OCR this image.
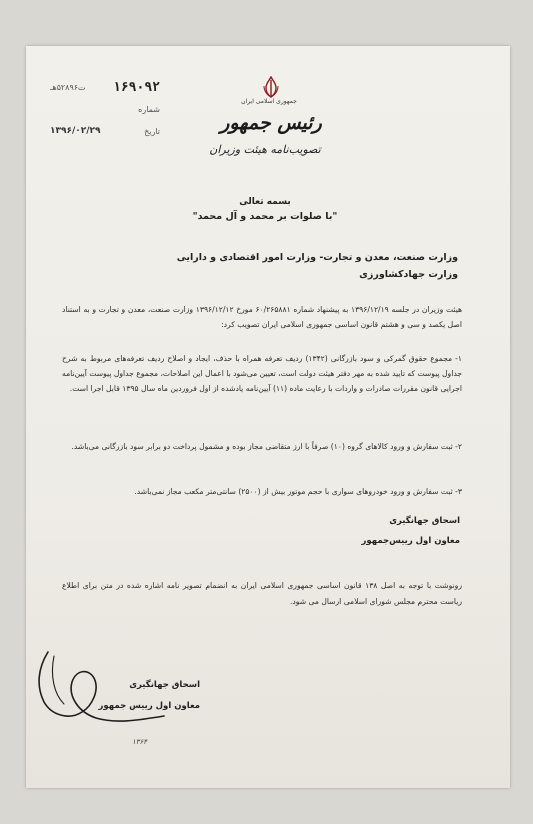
۱۶۹۰۹۲
ت۵۲۸۹۶هـ
شماره
تاریخ
۱۳۹۶/۰۲/۲۹
جمهوری اسلامی ایران
رئیس جمهور
تصویب‌نامه هیئت وزیران
بسمه تعالی
"با صلوات بر محمد و آل محمد"
وزارت صنعت، معدن و تجارت- وزارت امور اقتصادی و دارایی
وزارت جهادکشاورزی
هیئت وزیران در جلسه ۱۳۹۶/۱۲/۱۹ به پیشنهاد شماره ۶۰/۲۶۵۸۸۱ مورخ ۱۳۹۶/۱۲/۱۲ وزارت صنعت، معدن و تجارت و به استناد اصل یکصد و سی و هشتم قانون اساسی جمهوری اسلامی ایران تصویب کرد:
۱- مجموع حقوق گمرکی و سود بازرگانی (۱۳۴۲) ردیف تعرفه همراه با حذف، ایجاد و اصلاح ردیف تعرفه‌های مربوط به شرح جداول پیوست که تایید شده به مهر دفتر هیئت دولت است، تعیین می‌شود با اعمال این اصلاحات، مجموع جداول پیوست آیین‌نامه اجرایی قانون مقررات صادرات و واردات با رعایت ماده (۱۱) آیین‌نامه یادشده از اول فروردین ماه سال ۱۳۹۵ قابل اجرا است.
۲- ثبت سفارش و ورود کالاهای گروه (۱۰) صرفاً با ارز متقاضی مجاز بوده و مشمول پرداخت دو برابر سود بازرگانی می‌باشد.
۳- ثبت سفارش و ورود خودروهای سواری با حجم موتور بیش از (۲۵۰۰) سانتی‌متر مکعب مجاز نمی‌باشد.
اسحاق جهانگیری
معاون اول رییس‌جمهور
رونوشت با توجه به اصل ۱۳۸ قانون اساسی جمهوری اسلامی ایران به انضمام تصویر نامه اشاره شده در متن برای اطلاع ریاست محترم مجلس شورای اسلامی ارسال می شود.
اسحاق جهانگیری
معاون اول رییس جمهور
۱۳۶۴
